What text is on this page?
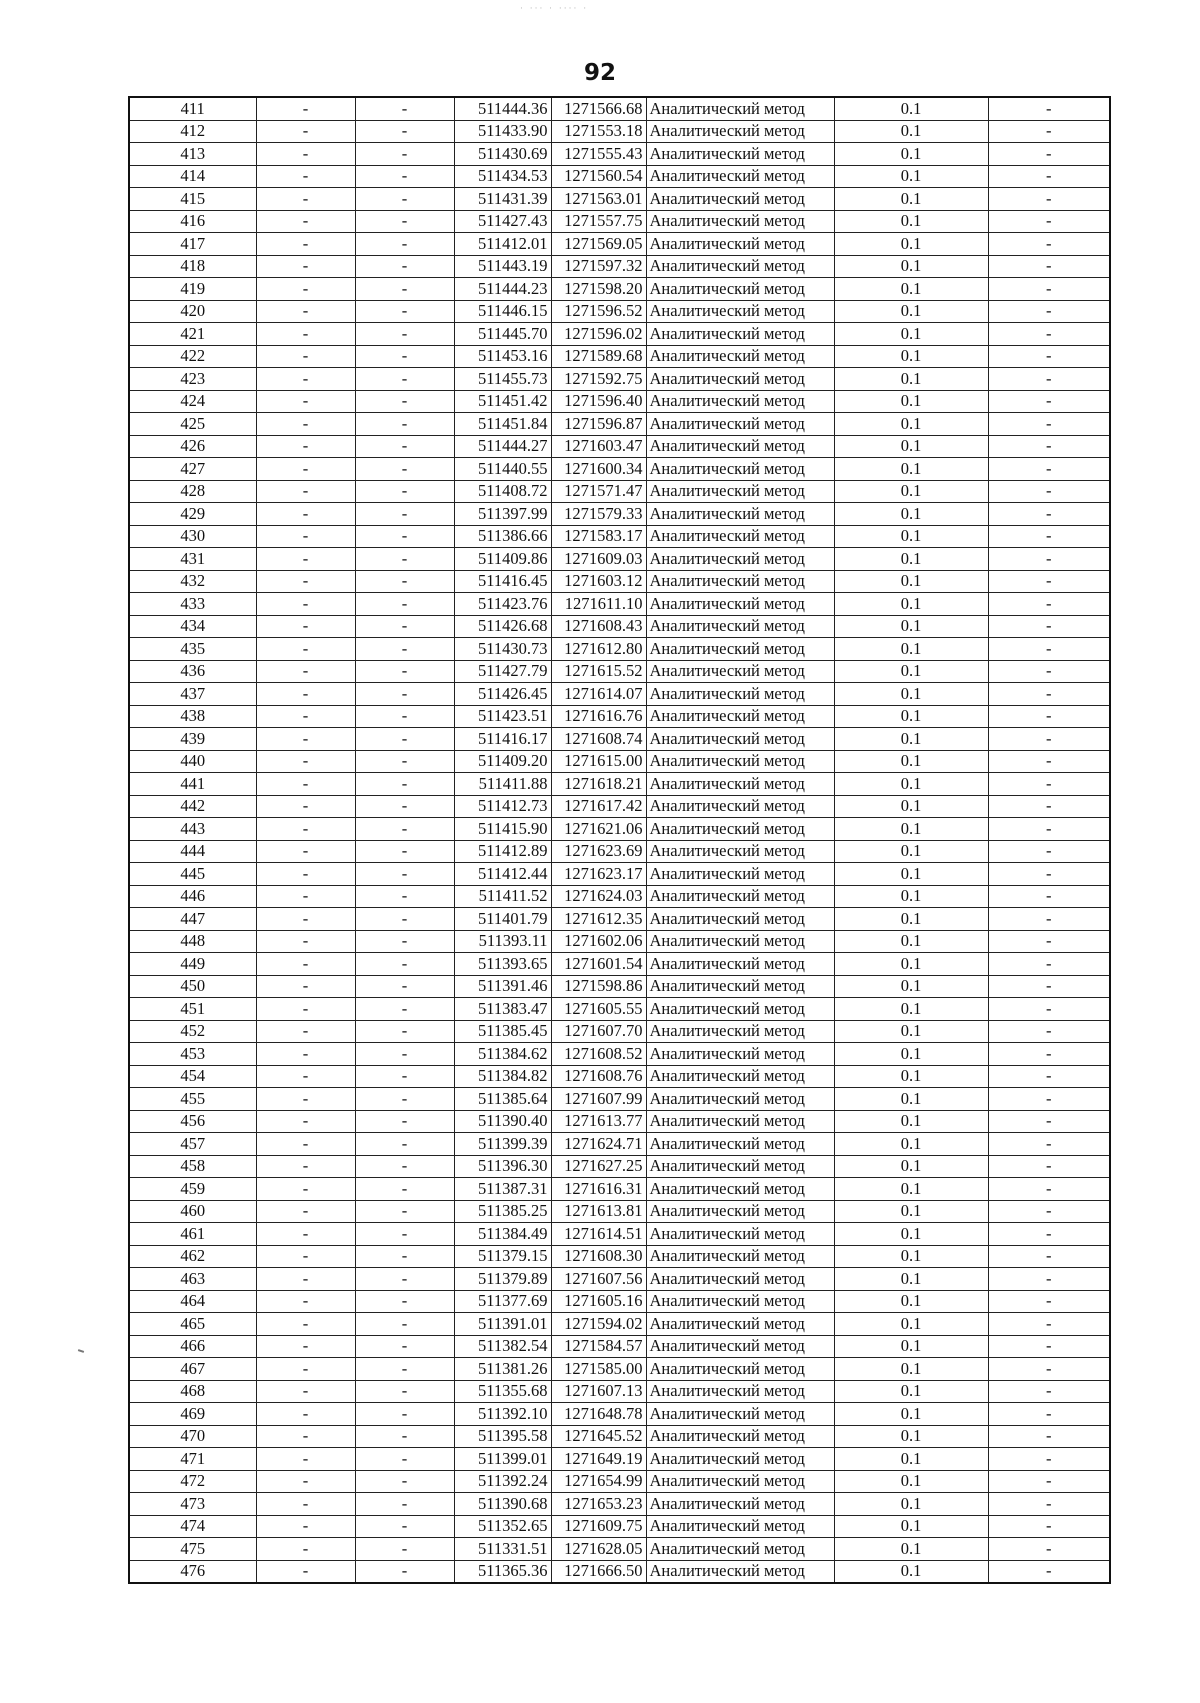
· ··· · ···· ·
92
411	-	-	511444.36	1271566.68	Аналитический метод	0.1	-
412	-	-	511433.90	1271553.18	Аналитический метод	0.1	-
413	-	-	511430.69	1271555.43	Аналитический метод	0.1	-
414	-	-	511434.53	1271560.54	Аналитический метод	0.1	-
415	-	-	511431.39	1271563.01	Аналитический метод	0.1	-
416	-	-	511427.43	1271557.75	Аналитический метод	0.1	-
417	-	-	511412.01	1271569.05	Аналитический метод	0.1	-
418	-	-	511443.19	1271597.32	Аналитический метод	0.1	-
419	-	-	511444.23	1271598.20	Аналитический метод	0.1	-
420	-	-	511446.15	1271596.52	Аналитический метод	0.1	-
421	-	-	511445.70	1271596.02	Аналитический метод	0.1	-
422	-	-	511453.16	1271589.68	Аналитический метод	0.1	-
423	-	-	511455.73	1271592.75	Аналитический метод	0.1	-
424	-	-	511451.42	1271596.40	Аналитический метод	0.1	-
425	-	-	511451.84	1271596.87	Аналитический метод	0.1	-
426	-	-	511444.27	1271603.47	Аналитический метод	0.1	-
427	-	-	511440.55	1271600.34	Аналитический метод	0.1	-
428	-	-	511408.72	1271571.47	Аналитический метод	0.1	-
429	-	-	511397.99	1271579.33	Аналитический метод	0.1	-
430	-	-	511386.66	1271583.17	Аналитический метод	0.1	-
431	-	-	511409.86	1271609.03	Аналитический метод	0.1	-
432	-	-	511416.45	1271603.12	Аналитический метод	0.1	-
433	-	-	511423.76	1271611.10	Аналитический метод	0.1	-
434	-	-	511426.68	1271608.43	Аналитический метод	0.1	-
435	-	-	511430.73	1271612.80	Аналитический метод	0.1	-
436	-	-	511427.79	1271615.52	Аналитический метод	0.1	-
437	-	-	511426.45	1271614.07	Аналитический метод	0.1	-
438	-	-	511423.51	1271616.76	Аналитический метод	0.1	-
439	-	-	511416.17	1271608.74	Аналитический метод	0.1	-
440	-	-	511409.20	1271615.00	Аналитический метод	0.1	-
441	-	-	511411.88	1271618.21	Аналитический метод	0.1	-
442	-	-	511412.73	1271617.42	Аналитический метод	0.1	-
443	-	-	511415.90	1271621.06	Аналитический метод	0.1	-
444	-	-	511412.89	1271623.69	Аналитический метод	0.1	-
445	-	-	511412.44	1271623.17	Аналитический метод	0.1	-
446	-	-	511411.52	1271624.03	Аналитический метод	0.1	-
447	-	-	511401.79	1271612.35	Аналитический метод	0.1	-
448	-	-	511393.11	1271602.06	Аналитический метод	0.1	-
449	-	-	511393.65	1271601.54	Аналитический метод	0.1	-
450	-	-	511391.46	1271598.86	Аналитический метод	0.1	-
451	-	-	511383.47	1271605.55	Аналитический метод	0.1	-
452	-	-	511385.45	1271607.70	Аналитический метод	0.1	-
453	-	-	511384.62	1271608.52	Аналитический метод	0.1	-
454	-	-	511384.82	1271608.76	Аналитический метод	0.1	-
455	-	-	511385.64	1271607.99	Аналитический метод	0.1	-
456	-	-	511390.40	1271613.77	Аналитический метод	0.1	-
457	-	-	511399.39	1271624.71	Аналитический метод	0.1	-
458	-	-	511396.30	1271627.25	Аналитический метод	0.1	-
459	-	-	511387.31	1271616.31	Аналитический метод	0.1	-
460	-	-	511385.25	1271613.81	Аналитический метод	0.1	-
461	-	-	511384.49	1271614.51	Аналитический метод	0.1	-
462	-	-	511379.15	1271608.30	Аналитический метод	0.1	-
463	-	-	511379.89	1271607.56	Аналитический метод	0.1	-
464	-	-	511377.69	1271605.16	Аналитический метод	0.1	-
465	-	-	511391.01	1271594.02	Аналитический метод	0.1	-
466	-	-	511382.54	1271584.57	Аналитический метод	0.1	-
467	-	-	511381.26	1271585.00	Аналитический метод	0.1	-
468	-	-	511355.68	1271607.13	Аналитический метод	0.1	-
469	-	-	511392.10	1271648.78	Аналитический метод	0.1	-
470	-	-	511395.58	1271645.52	Аналитический метод	0.1	-
471	-	-	511399.01	1271649.19	Аналитический метод	0.1	-
472	-	-	511392.24	1271654.99	Аналитический метод	0.1	-
473	-	-	511390.68	1271653.23	Аналитический метод	0.1	-
474	-	-	511352.65	1271609.75	Аналитический метод	0.1	-
475	-	-	511331.51	1271628.05	Аналитический метод	0.1	-
476	-	-	511365.36	1271666.50	Аналитический метод	0.1	-
